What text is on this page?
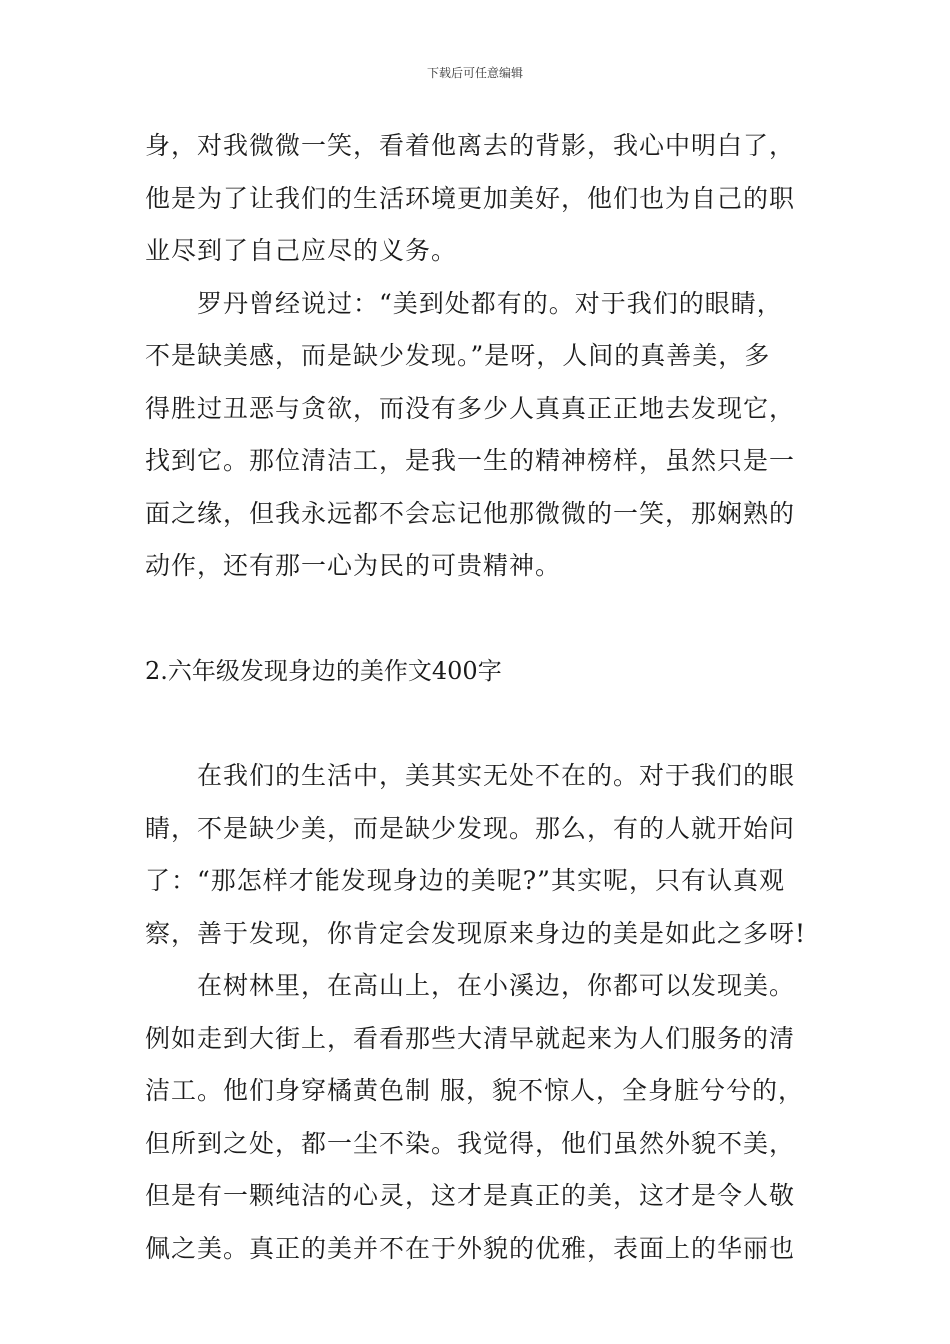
下载后可任意编辑
身，对我微微一笑，看着他离去的背影，我心中明白了，
他是为了让我们的生活环境更加美好，他们也为自己的职
业尽到了自己应尽的义务。
罗丹曾经说过：“美到处都有的。对于我们的眼睛，
不是缺美感，而是缺少发现。”是呀，人间的真善美，多
得胜过丑恶与贪欲，而没有多少人真真正正地去发现它，
找到它。那位清洁工，是我一生的精神榜样，虽然只是一
面之缘，但我永远都不会忘记他那微微的一笑，那娴熟的
动作，还有那一心为民的可贵精神。
2.六年级发现身边的美作文400字
在我们的生活中，美其实无处不在的。对于我们的眼
睛，不是缺少美，而是缺少发现。那么，有的人就开始问
了：“那怎样才能发现身边的美呢?”其实呢，只有认真观
察，善于发现，你肯定会发现原来身边的美是如此之多呀!
在树林里，在高山上，在小溪边，你都可以发现美。
例如走到大街上，看看那些大清早就起来为人们服务的清
洁工。他们身穿橘黄色制 服，貌不惊人，全身脏兮兮的，
但所到之处，都一尘不染。我觉得，他们虽然外貌不美，
但是有一颗纯洁的心灵，这才是真正的美，这才是令人敬
佩之美。真正的美并不在于外貌的优雅，表面上的华丽也
